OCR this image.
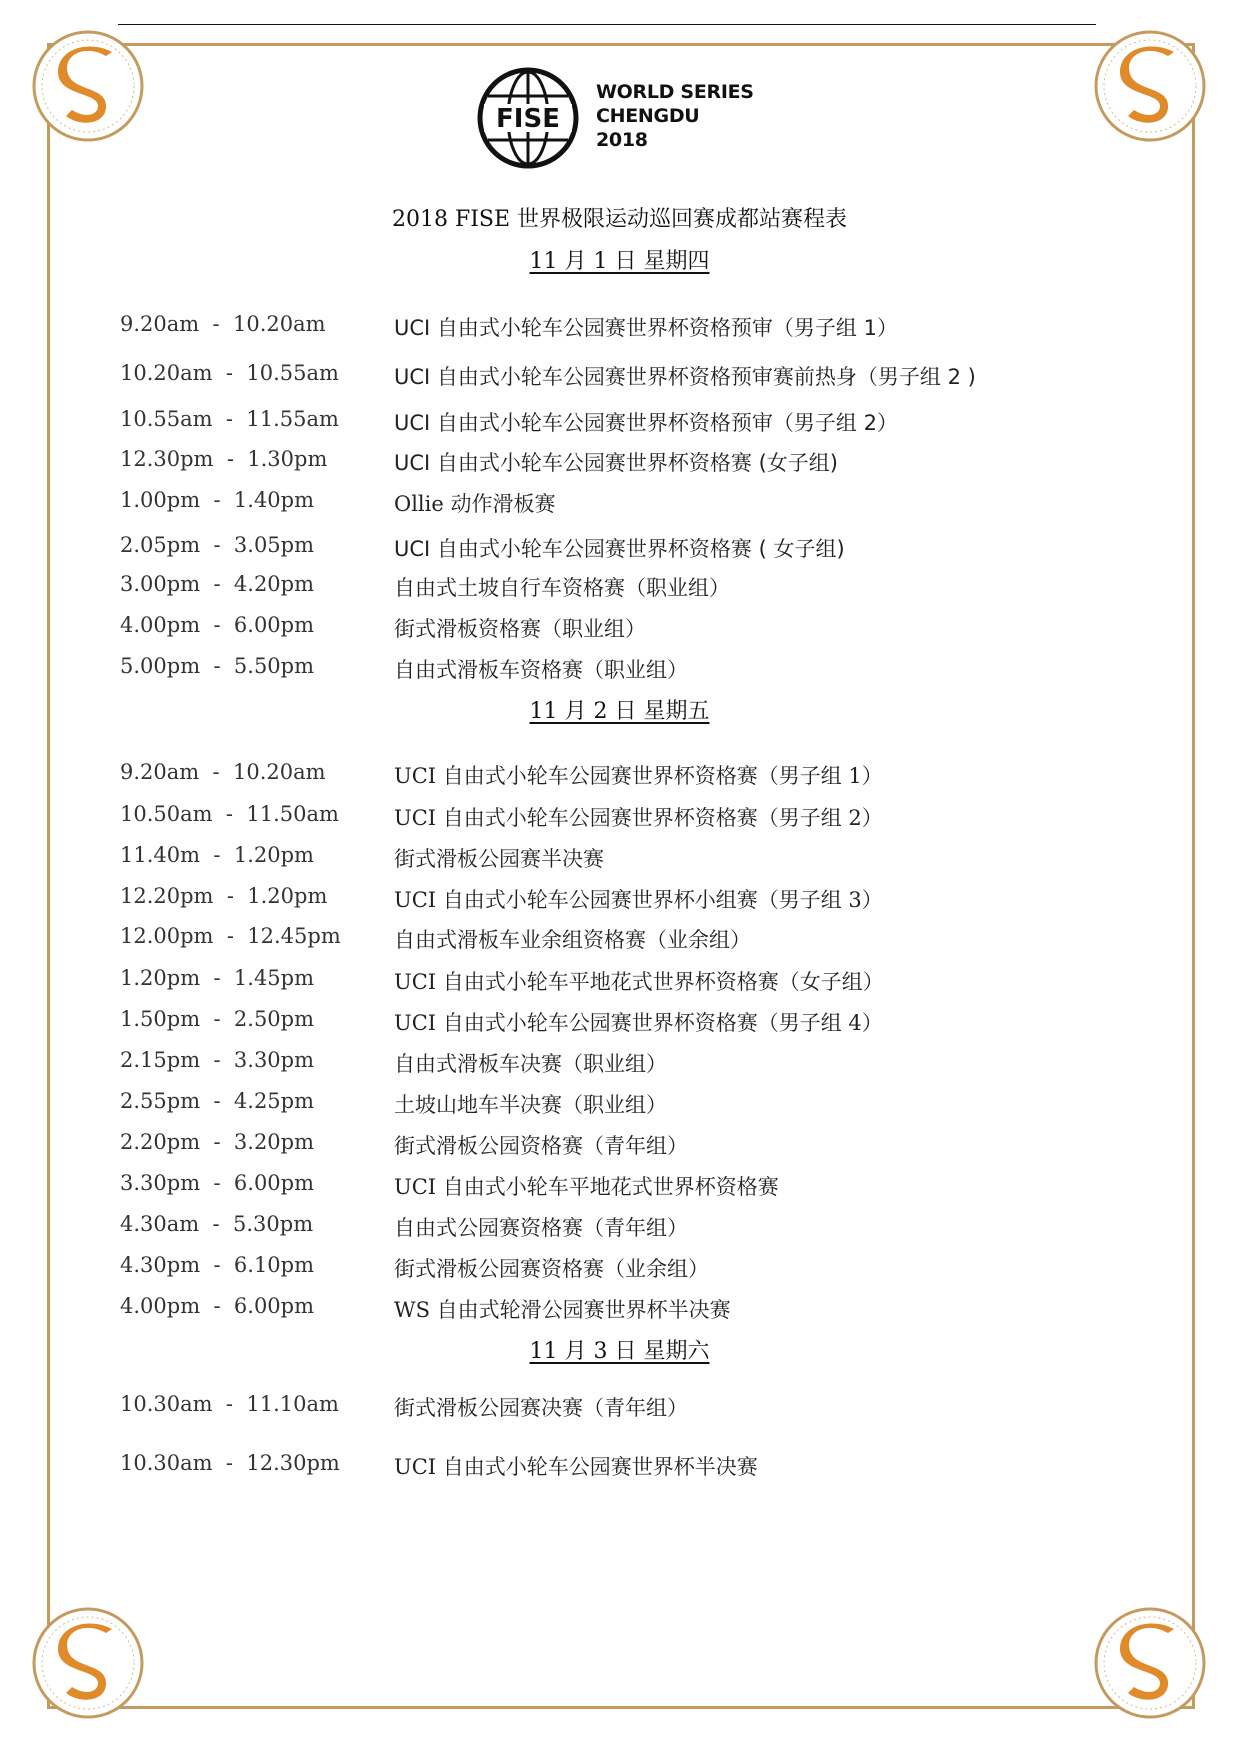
FISE
WORLD SERIES
CHENGDU
2018
2018 FISE 世界极限运动巡回赛成都站赛程表
11 月 1 日 星期四
9.20am  -  10.20am	UCI 自由式小轮车公园赛世界杯资格预审（男子组 1）
10.20am  -  10.55am	UCI 自由式小轮车公园赛世界杯资格预审赛前热身（男子组 2 )
10.55am  -  11.55am	UCI 自由式小轮车公园赛世界杯资格预审（男子组 2）
12.30pm  -  1.30pm	UCI 自由式小轮车公园赛世界杯资格赛 (女子组)
1.00pm  -  1.40pm	Ollie 动作滑板赛
2.05pm  -  3.05pm	UCI 自由式小轮车公园赛世界杯资格赛 ( 女子组)
3.00pm  -  4.20pm	自由式土坡自行车资格赛（职业组）
4.00pm  -  6.00pm	街式滑板资格赛（职业组）
5.00pm  -  5.50pm	自由式滑板车资格赛（职业组）
11 月 2 日 星期五
9.20am  -  10.20am	UCI 自由式小轮车公园赛世界杯资格赛（男子组 1）
10.50am  -  11.50am	UCI 自由式小轮车公园赛世界杯资格赛（男子组 2）
11.40m  -  1.20pm	街式滑板公园赛半决赛
12.20pm  -  1.20pm	UCI 自由式小轮车公园赛世界杯小组赛（男子组 3）
12.00pm  -  12.45pm	自由式滑板车业余组资格赛（业余组）
1.20pm  -  1.45pm	UCI 自由式小轮车平地花式世界杯资格赛（女子组）
1.50pm  -  2.50pm	UCI 自由式小轮车公园赛世界杯资格赛（男子组 4）
2.15pm  -  3.30pm	自由式滑板车决赛（职业组）
2.55pm  -  4.25pm	土坡山地车半决赛（职业组）
2.20pm  -  3.20pm	街式滑板公园资格赛（青年组）
3.30pm  -  6.00pm	UCI 自由式小轮车平地花式世界杯资格赛
4.30am  -  5.30pm	自由式公园赛资格赛（青年组）
4.30pm  -  6.10pm	街式滑板公园赛资格赛（业余组）
4.00pm  -  6.00pm	WS 自由式轮滑公园赛世界杯半决赛
11 月 3 日 星期六
10.30am  -  11.10am	街式滑板公园赛决赛（青年组）
10.30am  -  12.30pm	UCI 自由式小轮车公园赛世界杯半决赛
